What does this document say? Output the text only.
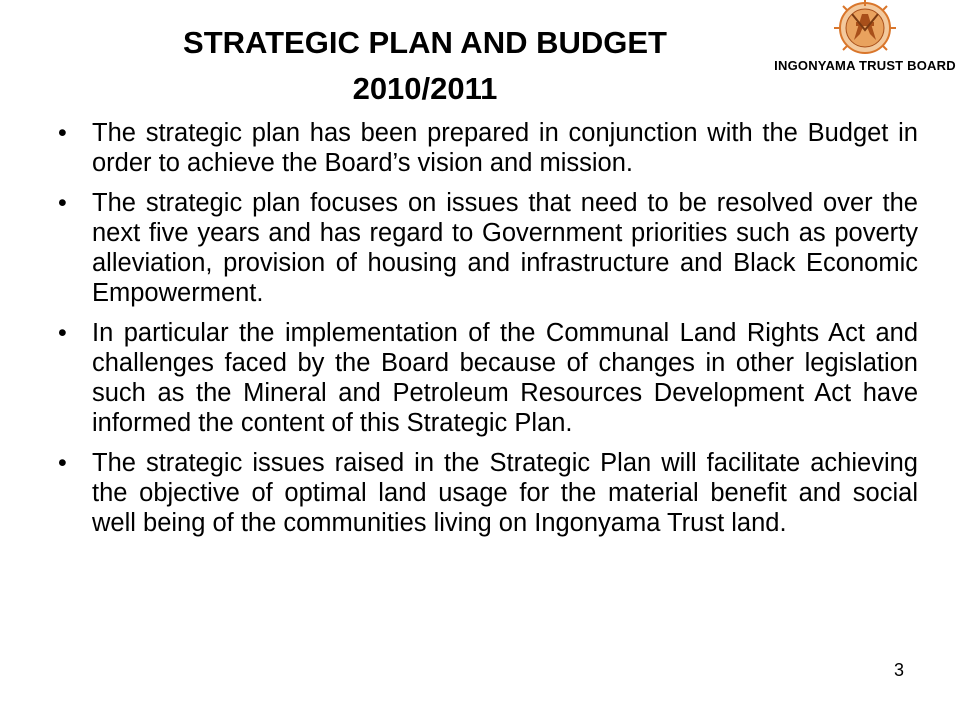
STRATEGIC PLAN AND BUDGET
2010/2011
INGONYAMA TRUST BOARD
• The strategic plan has been prepared in conjunction with the Budget in order to achieve the Board’s vision and mission.
• The strategic plan focuses on issues that need to be resolved over the next five years and has regard to Government priorities such as poverty alleviation, provision of housing and infrastructure and Black Economic Empowerment.
• In particular the implementation of the Communal Land Rights Act and challenges faced by the Board because of changes in other legislation such as the Mineral and Petroleum Resources Development Act have informed the content of this Strategic Plan.
• The strategic issues raised in the Strategic Plan will facilitate achieving the objective of optimal land usage for the material benefit and social well being of the communities living on Ingonyama Trust land.
3
